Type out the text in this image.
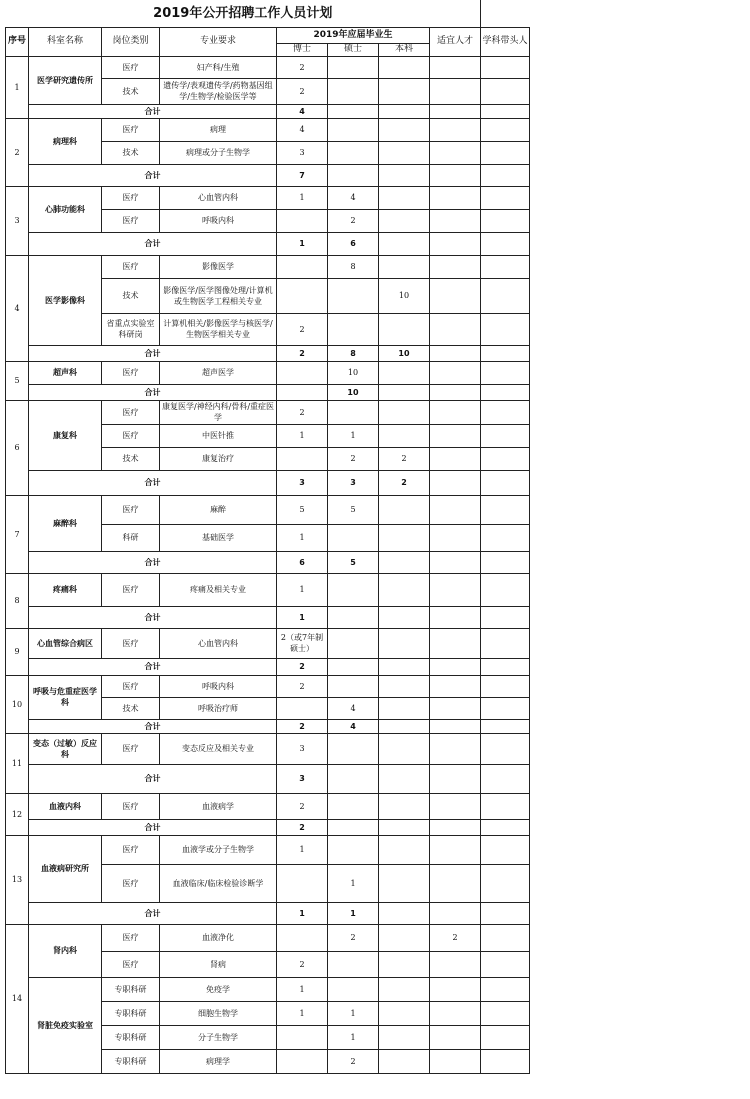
2019年公开招聘工作人员计划								
序号	科室名称	岗位类别	专业要求	2019年应届毕业生			适宜人才	学科带头人
				博士	硕士	本科		
1	医学研究遗传所	医疗	妇产科/生殖	2				
		技术	遗传学/表观遗传学/药物基因组学/生物学/检验医学等	2				
	合计			4				
2	病理科	医疗	病理	4				
		技术	病理或分子生物学	3				
	合计			7				
3	心肺功能科	医疗	心血管内科	1	4			
		医疗	呼吸内科		2			
	合计			1	6			
4	医学影像科	医疗	影像医学		8			
		技术	影像医学/医学图像处理/计算机或生物医学工程相关专业			10		
		省重点实验室科研岗	计算机相关/影像医学与核医学/生物医学相关专业	2				
	合计			2	8	10		
5	超声科	医疗	超声医学		10			
	合计				10			
6	康复科	医疗	康复医学/神经内科/骨科/重症医学	2				
		医疗	中医针推	1	1			
		技术	康复治疗		2	2		
	合计			3	3	2		
7	麻醉科	医疗	麻醉	5	5			
		科研	基础医学	1				
	合计			6	5			
8	疼痛科	医疗	疼痛及相关专业	1				
	合计			1				
9	心血管综合病区	医疗	心血管内科	2（或7年制硕士）				
	合计			2				
10	呼吸与危重症医学科	医疗	呼吸内科	2				
		技术	呼吸治疗师		4			
	合计			2	4			
11	变态（过敏）反应科	医疗	变态反应及相关专业	3				
	合计			3				
12	血液内科	医疗	血液病学	2				
	合计			2				
13	血液病研究所	医疗	血液学或分子生物学	1				
		医疗	血液临床/临床检验诊断学		1			
	合计			1	1			
14	肾内科	医疗	血液净化		2		2	
		医疗	肾病	2				
	肾脏免疫实验室	专职科研	免疫学	1				
		专职科研	细胞生物学	1	1			
		专职科研	分子生物学		1			
		专职科研	病理学		2			
